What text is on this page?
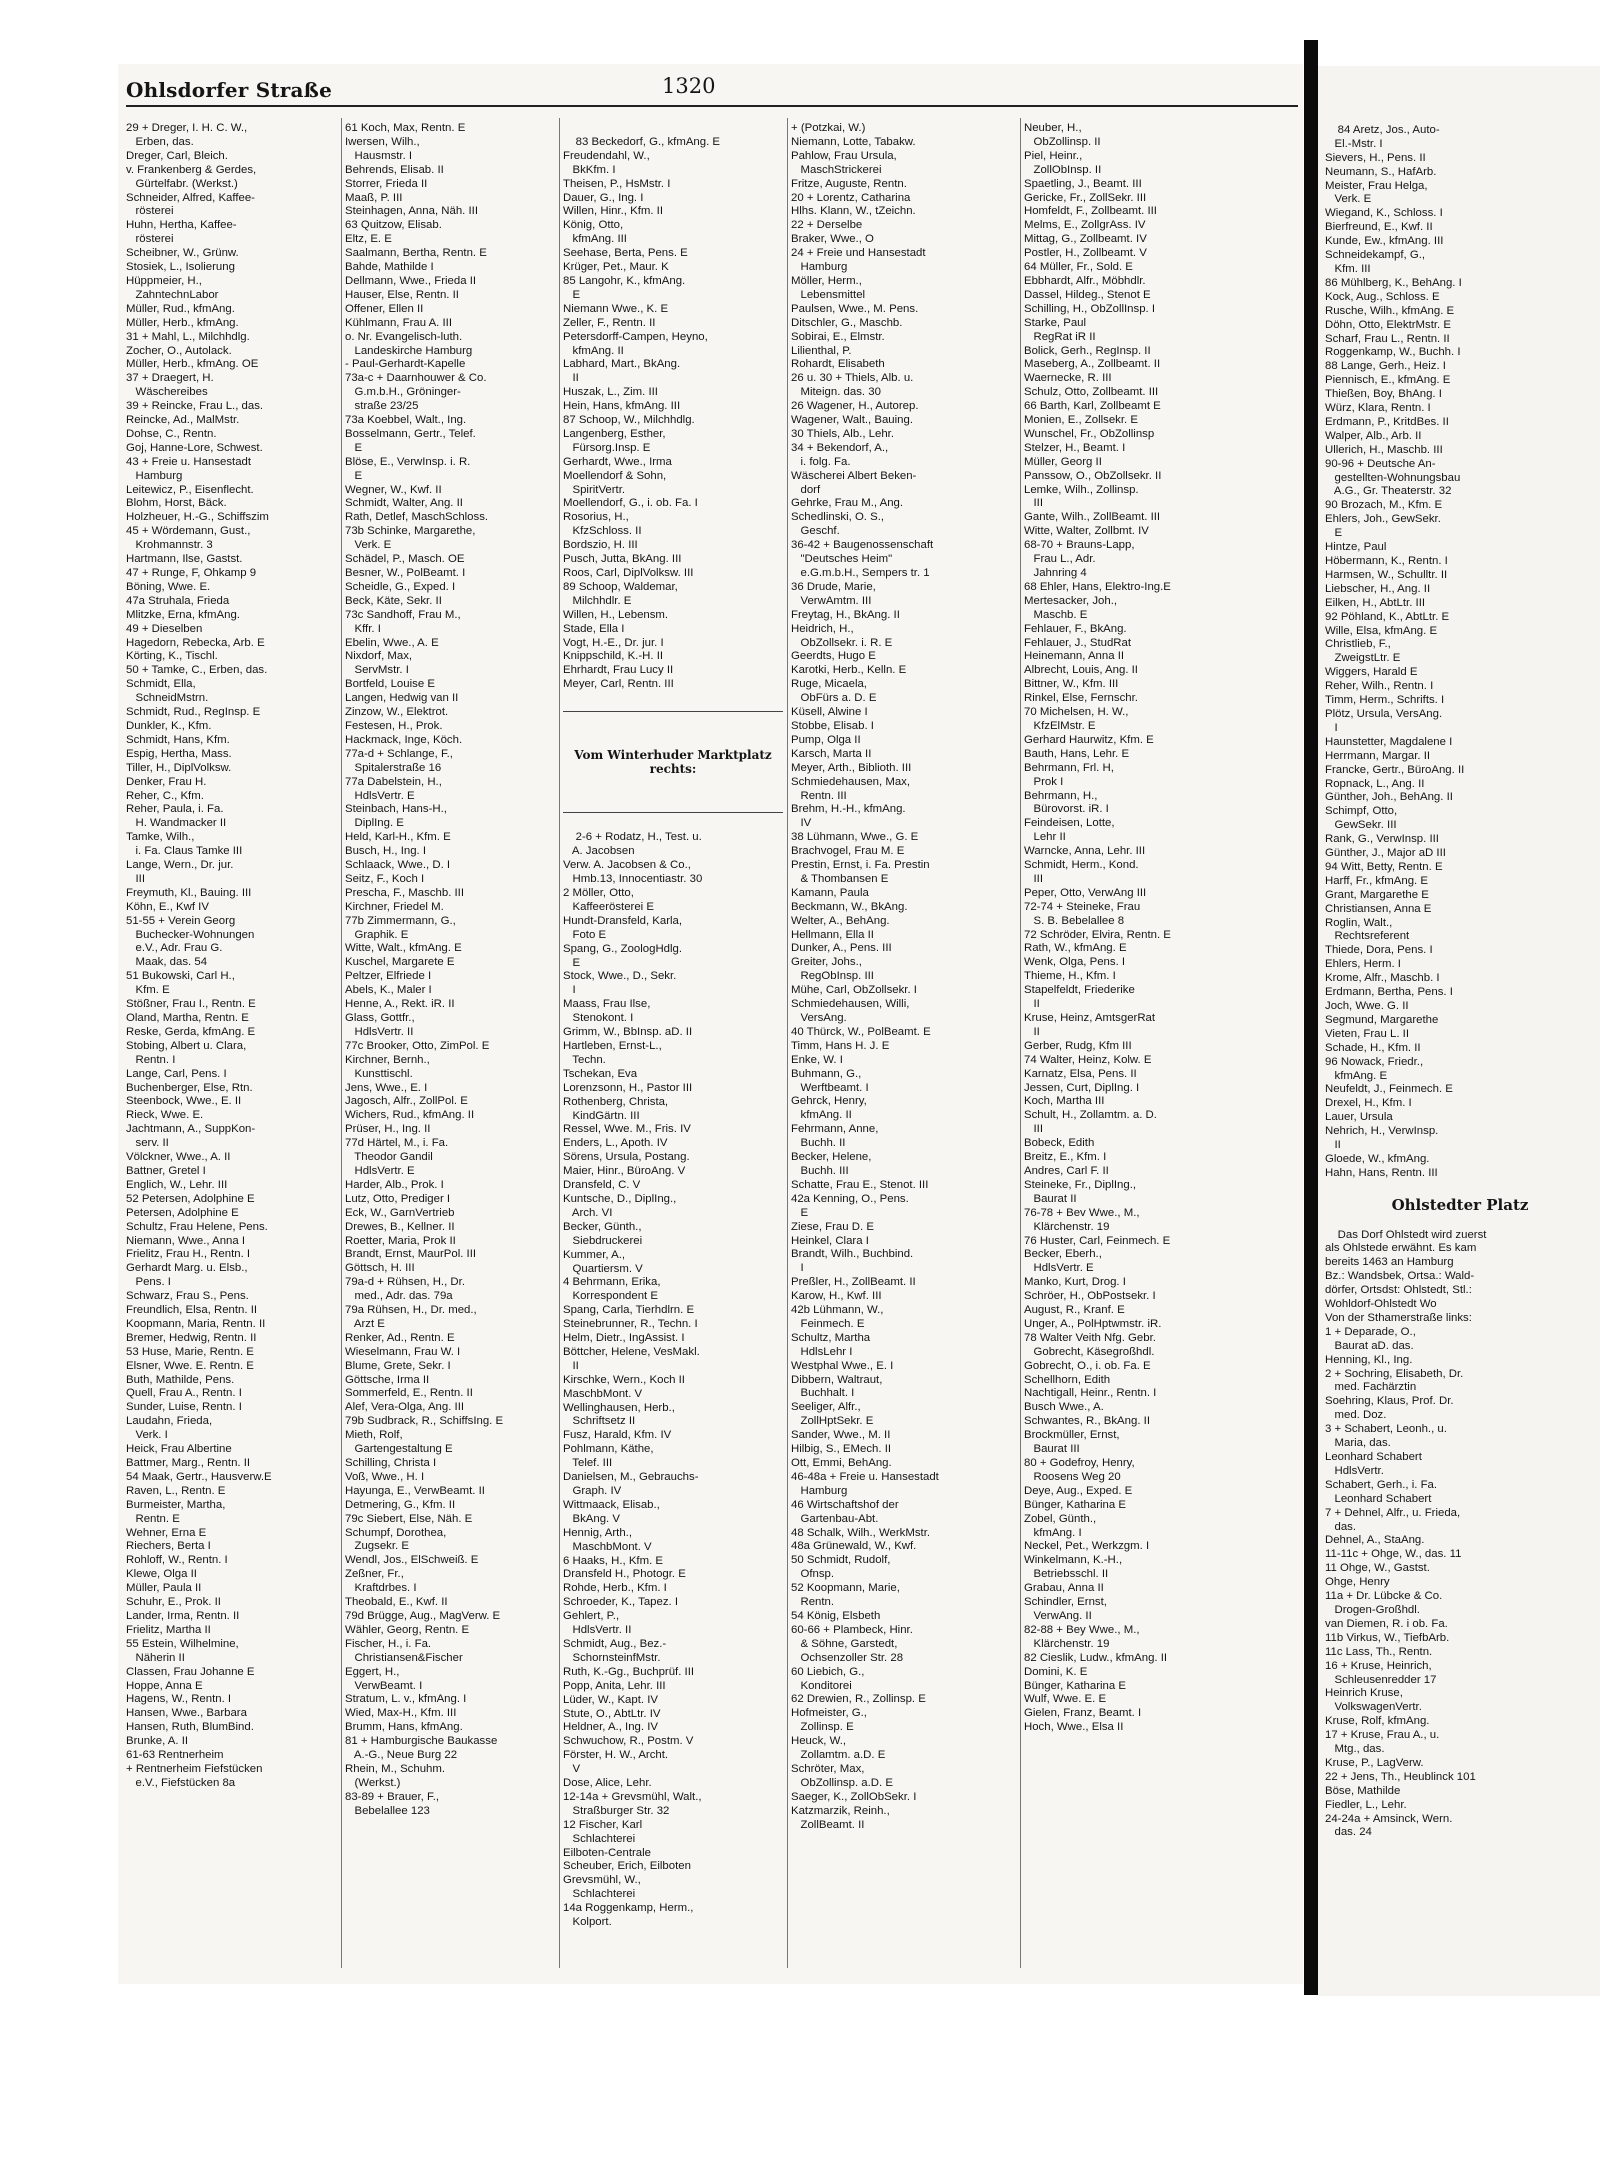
Ohlsdorfer Straße	1320
29 + Dreger, I. H. C. W.,
Erben, das.
Dreger, Carl, Bleich.
v. Frankenberg & Gerdes,
Gürtelfabr. (Werkst.)
Schneider, Alfred, Kaffee-
rösterei
Huhn, Hertha, Kaffee-
rösterei
Scheibner, W., Grünw.
Stosiek, L., Isolierung
Hüppmeier, H.,
ZahntechnLabor
Müller, Rud., kfmAng.
Müller, Herb., kfmAng.
31 + Mahl, L., Milchhdlg.
Zocher, O., Autolack.
Müller, Herb., kfmAng. OE
37 + Draegert, H.
Wäschereibes
39 + Reincke, Frau L., das.
Reincke, Ad., MalMstr.
Dohse, C., Rentn.
Goj, Hanne-Lore, Schwest.
43 + Freie u. Hansestadt
Hamburg
Leitewicz, P., Eisenflecht.
Blohm, Horst, Bäck.
Holzheuer, H.-G., Schiffszim
45 + Wördemann, Gust.,
Krohmannstr. 3
Hartmann, Ilse, Gastst.
47 + Runge, F, Ohkamp 9
Böning, Wwe. E.
47a Struhala, Frieda
Mlitzke, Erna, kfmAng.
49 + Dieselben
Hagedorn, Rebecka, Arb. E
Körting, K., Tischl.
50 + Tamke, C., Erben, das.
Schmidt, Ella,
SchneidMstrn.
Schmidt, Rud., RegInsp. E
Dunkler, K., Kfm.
Schmidt, Hans, Kfm.
Espig, Hertha, Mass.
Tiller, H., DiplVolksw.
Denker, Frau H.
Reher, C., Kfm.
Reher, Paula, i. Fa.
H. Wandmacker II
Tamke, Wilh.,
i. Fa. Claus Tamke III
Lange, Wern., Dr. jur.
III
Freymuth, Kl., Bauing. III
Köhn, E., Kwf IV
51-55 + Verein Georg
Buchecker-Wohnungen
e.V., Adr. Frau G.
Maak, das. 54
51 Bukowski, Carl H.,
Kfm. E
Stößner, Frau I., Rentn. E
Oland, Martha, Rentn. E
Reske, Gerda, kfmAng. E
Stobing, Albert u. Clara,
Rentn. I
Lange, Carl, Pens. I
Buchenberger, Else, Rtn.
Steenbock, Wwe., E. II
Rieck, Wwe. E.
Jachtmann, A., SuppKon-
serv. II
Völckner, Wwe., A. II
Battner, Gretel I
Englich, W., Lehr. III
52 Petersen, Adolphine E
Petersen, Adolphine E
Schultz, Frau Helene, Pens.
Niemann, Wwe., Anna I
Frielitz, Frau H., Rentn. I
Gerhardt Marg. u. Elsb.,
Pens. I
Schwarz, Frau S., Pens.
Freundlich, Elsa, Rentn. II
Koopmann, Maria, Rentn. II
Bremer, Hedwig, Rentn. II
53 Huse, Marie, Rentn. E
Elsner, Wwe. E. Rentn. E
Buth, Mathilde, Pens.
Quell, Frau A., Rentn. I
Sunder, Luise, Rentn. I
Laudahn, Frieda,
Verk. I
Heick, Frau Albertine
Battmer, Marg., Rentn. II
54 Maak, Gertr., Hausverw.E
Raven, L., Rentn. E
Burmeister, Martha,
Rentn. E
Wehner, Erna E
Riechers, Berta I
Rohloff, W., Rentn. I
Klewe, Olga II
Müller, Paula II
Schuhr, E., Prok. II
Lander, Irma, Rentn. II
Frielitz, Martha II
55 Estein, Wilhelmine,
Näherin II
Classen, Frau Johanne E
Hoppe, Anna E
Hagens, W., Rentn. I
Hansen, Wwe., Barbara
Hansen, Ruth, BlumBind.
Brunke, A. II
61-63 Rentnerheim
+ Rentnerheim Fiefstücken
e.V., Fiefstücken 8a
61 Koch, Max, Rentn. E
Iwersen, Wilh.,
Hausmstr. I
Behrends, Elisab. II
Storrer, Frieda II
Maaß, P. III
Steinhagen, Anna, Näh. III
63 Quitzow, Elisab.
Eltz, E. E
Saalmann, Bertha, Rentn. E
Bahde, Mathilde I
Dellmann, Wwe., Frieda II
Hauser, Else, Rentn. II
Offener, Ellen II
Kühlmann, Frau A. III
o. Nr. Evangelisch-luth.
Landeskirche Hamburg
- Paul-Gerhardt-Kapelle
73a-c + Daarnhouwer & Co.
G.m.b.H., Gröninger-
straße 23/25
73a Koebbel, Walt., Ing.
Bosselmann, Gertr., Telef.
E
Blöse, E., VerwInsp. i. R.
E
Wegner, W., Kwf. II
Schmidt, Walter, Ang. II
Rath, Detlef, MaschSchloss.
73b Schinke, Margarethe,
Verk. E
Schädel, P., Masch. OE
Besner, W., PolBeamt. I
Scheidle, G., Exped. I
Beck, Käte, Sekr. II
73c Sandhoff, Frau M.,
Kffr. I
Ebelin, Wwe., A. E
Nixdorf, Max,
ServMstr. I
Bortfeld, Louise E
Langen, Hedwig van II
Zinzow, W., Elektrot.
Festesen, H., Prok.
Hackmack, Inge, Köch.
77a-d + Schlange, F.,
Spitalerstraße 16
77a Dabelstein, H.,
HdlsVertr. E
Steinbach, Hans-H.,
DiplIng. E
Held, Karl-H., Kfm. E
Busch, H., Ing. I
Schlaack, Wwe., D. I
Seitz, F., Koch I
Prescha, F., Maschb. III
Kirchner, Friedel M.
77b Zimmermann, G.,
Graphik. E
Witte, Walt., kfmAng. E
Kuschel, Margarete E
Peltzer, Elfriede I
Abels, K., Maler I
Henne, A., Rekt. iR. II
Glass, Gottfr.,
HdlsVertr. II
77c Brooker, Otto, ZimPol. E
Kirchner, Bernh.,
Kunsttischl.
Jens, Wwe., E. I
Jagosch, Alfr., ZollPol. E
Wichers, Rud., kfmAng. II
Prüser, H., Ing. II
77d Härtel, M., i. Fa.
Theodor Gandil
HdlsVertr. E
Harder, Alb., Prok. I
Lutz, Otto, Prediger I
Eck, W., GarnVertrieb
Drewes, B., Kellner. II
Roetter, Maria, Prok II
Brandt, Ernst, MaurPol. III
Göttsch, H. III
79a-d + Rühsen, H., Dr.
med., Adr. das. 79a
79a Rühsen, H., Dr. med.,
Arzt E
Renker, Ad., Rentn. E
Wieselmann, Frau W. I
Blume, Grete, Sekr. I
Göttsche, Irma II
Sommerfeld, E., Rentn. II
Alef, Vera-Olga, Ang. III
79b Sudbrack, R., SchiffsIng. E
Mieth, Rolf,
Gartengestaltung E
Schilling, Christa I
Voß, Wwe., H. I
Hayunga, E., VerwBeamt. II
Detmering, G., Kfm. II
79c Siebert, Else, Näh. E
Schumpf, Dorothea,
Zugsekr. E
Wendl, Jos., ElSchweiß. E
Zeßner, Fr.,
Kraftdrbes. I
Theobald, E., Kwf. II
79d Brügge, Aug., MagVerw. E
Wähler, Georg, Rentn. E
Fischer, H., i. Fa.
Christiansen&Fischer
Eggert, H.,
VerwBeamt. I
Stratum, L. v., kfmAng. I
Wied, Max-H., Kfm. III
Brumm, Hans, kfmAng.
81 + Hamburgische Baukasse
A.-G., Neue Burg 22
Rhein, M., Schuhm.
(Werkst.)
83-89 + Brauer, F.,
Bebelallee 123

83 Beckedorf, G., kfmAng. E
Freudendahl, W.,
BkKfm. I
Theisen, P., HsMstr. I
Dauer, G., Ing. I
Willen, Hinr., Kfm. II
König, Otto,
kfmAng. III
Seehase, Berta, Pens. E
Krüger, Pet., Maur. K
85 Langohr, K., kfmAng.
E
Niemann Wwe., K. E
Zeller, F., Rentn. II
Petersdorff-Campen, Heyno,
kfmAng. II
Labhard, Mart., BkAng.
II
Huszak, L., Zim. III
Hein, Hans, kfmAng. III
87 Schoop, W., Milchhdlg.
Langenberg, Esther,
Fürsorg.Insp. E
Gerhardt, Wwe., Irma
Moellendorf & Sohn,
SpiritVertr.
Moellendorf, G., i. ob. Fa. I
Rosorius, H.,
KfzSchloss. II
Bordszio, H. III
Pusch, Jutta, BkAng. III
Roos, Carl, DiplVolksw. III
89 Schoop, Waldemar,
Milchhdlr. E
Willen, H., Lebensm.
Stade, Ella I
Vogt, H.-E., Dr. jur. I
Knippschild, K.-H. II
Ehrhardt, Frau Lucy II
Meyer, Carl, Rentn. III

Vom Winterhuder Marktplatz
rechts:

2-6 + Rodatz, H., Test. u.
A. Jacobsen
Verw. A. Jacobsen & Co.,
Hmb.13, Innocentiastr. 30
2 Möller, Otto,
Kaffeerösterei E
Hundt-Dransfeld, Karla,
Foto E
Spang, G., ZoologHdlg.
E
Stock, Wwe., D., Sekr.
I
Maass, Frau Ilse,
Stenokont. I
Grimm, W., BbInsp. aD. II
Hartleben, Ernst-L.,
Techn.
Tschekan, Eva
Lorenzsonn, H., Pastor III
Rothenberg, Christa,
KindGärtn. III
Ressel, Wwe. M., Fris. IV
Enders, L., Apoth. IV
Sörens, Ursula, Postang.
Maier, Hinr., BüroAng. V
Dransfeld, C. V
Kuntsche, D., DiplIng.,
Arch. VI
Becker, Günth.,
Siebdruckerei
Kummer, A.,
Quartiersm. V
4 Behrmann, Erika,
Korrespondent E
Spang, Carla, Tierhdlrn. E
Steinebrunner, R., Techn. I
Helm, Dietr., IngAssist. I
Böttcher, Helene, VesMakl.
II
Kirschke, Wern., Koch II
MaschbMont. V
Wellinghausen, Herb.,
Schriftsetz II
Fusz, Harald, Kfm. IV
Pohlmann, Käthe,
Telef. III
Danielsen, M., Gebrauchs-
Graph. IV
Wittmaack, Elisab.,
BkAng. V
Hennig, Arth.,
MaschbMont. V
6 Haaks, H., Kfm. E
Dransfeld H., Photogr. E
Rohde, Herb., Kfm. I
Schroeder, K., Tapez. I
Gehlert, P.,
HdlsVertr. II
Schmidt, Aug., Bez.-
SchornsteinfMstr.
Ruth, K.-Gg., Buchprüf. III
Popp, Anita, Lehr. III
Lüder, W., Kapt. IV
Stute, O., AbtLtr. IV
Heldner, A., Ing. IV
Schwuchow, R., Postm. V
Förster, H. W., Archt.
V
Dose, Alice, Lehr.
12-14a + Grevsmühl, Walt.,
Straßburger Str. 32
12 Fischer, Karl
Schlachterei
Eilboten-Centrale
Scheuber, Erich, Eilboten
Grevsmühl, W.,
Schlachterei
14a Roggenkamp, Herm.,
Kolport.

+ (Potzkai, W.)
Niemann, Lotte, Tabakw.
Pahlow, Frau Ursula,
MaschStrickerei
Fritze, Auguste, Rentn.
20 + Lorentz, Catharina
Hlhs. Klann, W., tZeichn.
22 + Derselbe
Braker, Wwe., O
24 + Freie und Hansestadt
Hamburg
Möller, Herm.,
Lebensmittel
Paulsen, Wwe., M. Pens.
Ditschler, G., Maschb.
Sobirai, E., Elmstr.
Lilienthal, P.
Rohardt, Elisabeth
26 u. 30 + Thiels, Alb. u.
Miteign. das. 30
26 Wagener, H., Autorep.
Wagener, Walt., Bauing.
30 Thiels, Alb., Lehr.
34 + Bekendorf, A.,
i. folg. Fa.
Wäscherei Albert Beken-
dorf
Gehrke, Frau M., Ang.
Schedlinski, O. S.,
Geschf.
36-42 + Baugenossenschaft
"Deutsches Heim"
e.G.m.b.H., Sempers tr. 1
36 Drude, Marie,
VerwAmtm. III
Freytag, H., BkAng. II
Heidrich, H.,
ObZollsekr. i. R. E
Geerdts, Hugo E
Karotki, Herb., Kelln. E
Ruge, Micaela,
ObFürs a. D. E
Küsell, Alwine I
Stobbe, Elisab. I
Pump, Olga II
Karsch, Marta II
Meyer, Arth., Biblioth. III
Schmiedehausen, Max,
Rentn. III
Brehm, H.-H., kfmAng.
IV
38 Lühmann, Wwe., G. E
Brachvogel, Frau M. E
Prestin, Ernst, i. Fa. Prestin
& Thombansen E
Kamann, Paula
Beckmann, W., BkAng.
Welter, A., BehAng.
Hellmann, Ella II
Dunker, A., Pens. III
Greiter, Johs.,
RegObInsp. III
Mühe, Carl, ObZollsekr. I
Schmiedehausen, Willi,
VersAng.
40 Thürck, W., PolBeamt. E
Timm, Hans H. J. E
Enke, W. I
Buhmann, G.,
Werftbeamt. I
Gehrck, Henry,
kfmAng. II
Fehrmann, Anne,
Buchh. II
Becker, Helene,
Buchh. III
Schatte, Frau E., Stenot. III
42a Kenning, O., Pens.
E
Ziese, Frau D. E
Heinkel, Clara I
Brandt, Wilh., Buchbind.
I
Preßler, H., ZollBeamt. II
Karow, H., Kwf. III
42b Lühmann, W.,
Feinmech. E
Schultz, Martha
HdlsLehr I
Westphal Wwe., E. I
Dibbern, Waltraut,
Buchhalt. I
Seeliger, Alfr.,
ZollHptSekr. E
Sander, Wwe., M. II
Hilbig, S., EMech. II
Ott, Emmi, BehAng.
46-48a + Freie u. Hansestadt
Hamburg
46 Wirtschaftshof der
Gartenbau-Abt.
48 Schalk, Wilh., WerkMstr.
48a Grünewald, W., Kwf.
50 Schmidt, Rudolf,
Ofnsp.
52 Koopmann, Marie,
Rentn.
54 König, Elsbeth
60-66 + Plambeck, Hinr.
& Söhne, Garstedt,
Ochsenzoller Str. 28
60 Liebich, G.,
Konditorei
62 Drewien, R., Zollinsp. E
Hofmeister, G.,
Zollinsp. E
Heuck, W.,
Zollamtm. a.D. E
Schröter, Max,
ObZollinsp. a.D. E
Saeger, K., ZollObSekr. I
Katzmarzik, Reinh.,
ZollBeamt. II
Neuber, H.,
ObZollinsp. II
Piel, Heinr.,
ZollObInsp. II
Spaetling, J., Beamt. III
Gericke, Fr., ZollSekr. III
Homfeldt, F., Zollbeamt. III
Melms, E., ZollgrAss. IV
Mittag, G., Zollbeamt. IV
Postler, H., Zollbeamt. V
64 Müller, Fr., Sold. E
Ebbhardt, Alfr., Möbhdlr.
Dassel, Hildeg., Stenot E
Schilling, H., ObZollInsp. I
Starke, Paul
RegRat iR II
Bolick, Gerh., RegInsp. II
Maseberg, A., Zollbeamt. II
Waernecke, R. III
Schulz, Otto, Zollbeamt. III
66 Barth, Karl, Zollbeamt E
Monien, E., Zollsekr. E
Wunschel, Fr., ObZollinsp
Stelzer, H., Beamt. I
Müller, Georg II
Panssow, O., ObZollsekr. II
Lemke, Wilh., Zollinsp.
III
Gante, Wilh., ZollBeamt. III
Witte, Walter, Zollbmt. IV
68-70 + Brauns-Lapp,
Frau L., Adr.
Jahnring 4
68 Ehler, Hans, Elektro-Ing.E
Mertesacker, Joh.,
Maschb. E
Fehlauer, F., BkAng.
Fehlauer, J., StudRat
Heinemann, Anna II
Albrecht, Louis, Ang. II
Bittner, W., Kfm. III
Rinkel, Else, Fernschr.
70 Michelsen, H. W.,
KfzElMstr. E
Gerhard Haurwitz, Kfm. E
Bauth, Hans, Lehr. E
Behrmann, Frl. H,
Prok I
Behrmann, H.,
Bürovorst. iR. I
Feindeisen, Lotte,
Lehr II
Warncke, Anna, Lehr. III
Schmidt, Herm., Kond.
III
Peper, Otto, VerwAng III
72-74 + Steineke, Frau
S. B. Bebelallee 8
72 Schröder, Elvira, Rentn. E
Rath, W., kfmAng. E
Wenk, Olga, Pens. I
Thieme, H., Kfm. I
Stapelfeldt, Friederike
II
Kruse, Heinz, AmtsgerRat
II
Gerber, Rudg, Kfm III
74 Walter, Heinz, Kolw. E
Karnatz, Elsa, Pens. II
Jessen, Curt, DiplIng. I
Koch, Martha III
Schult, H., Zollamtm. a. D.
III
Bobeck, Edith
Breitz, E., Kfm. I
Andres, Carl F. II
Steineke, Fr., DiplIng.,
Baurat II
76-78 + Bev Wwe., M.,
Klärchenstr. 19
76 Huster, Carl, Feinmech. E
Becker, Eberh.,
HdlsVertr. E
Manko, Kurt, Drog. I
Schröer, H., ObPostsekr. I
August, R., Kranf. E
Unger, A., PolHptwmstr. iR.
78 Walter Veith Nfg. Gebr.
Gobrecht, Käsegroßhdl.
Gobrecht, O., i. ob. Fa. E
Schellhorn, Edith
Nachtigall, Heinr., Rentn. I
Busch Wwe., A.
Schwantes, R., BkAng. II
Brockmüller, Ernst,
Baurat III
80 + Godefroy, Henry,
Roosens Weg 20
Deye, Aug., Exped. E
Bünger, Katharina E
Zobel, Günth.,
kfmAng. I
Neckel, Pet., Werkzgm. I
Winkelmann, K.-H.,
Betriebsschl. II
Grabau, Anna II
Schindler, Ernst,
VerwAng. II
82-88 + Bey Wwe., M.,
Klärchenstr. 19
82 Cieslik, Ludw., kfmAng. II
Domini, K. E
Bünger, Katharina E
Wulf, Wwe. E. E
Gielen, Franz, Beamt. I
Hoch, Wwe., Elsa II

84 Aretz, Jos., Auto-
El.-Mstr. I
Sievers, H., Pens. II
Neumann, S., HafArb.
Meister, Frau Helga,
Verk. E
Wiegand, K., Schloss. I
Bierfreund, E., Kwf. II
Kunde, Ew., kfmAng. III
Schneidekampf, G.,
Kfm. III
86 Mühlberg, K., BehAng. I
Kock, Aug., Schloss. E
Rusche, Wilh., kfmAng. E
Döhn, Otto, ElektrMstr. E
Scharf, Frau L., Rentn. II
Roggenkamp, W., Buchh. I
88 Lange, Gerh., Heiz. I
Piennisch, E., kfmAng. E
Thießen, Boy, BhAng. I
Würz, Klara, Rentn. I
Erdmann, P., KritdBes. II
Walper, Alb., Arb. II
Ullerich, H., Maschb. III
90-96 + Deutsche An-
gestellten-Wohnungsbau
A.G., Gr. Theaterstr. 32
90 Brozach, M., Kfm. E
Ehlers, Joh., GewSekr.
E
Hintze, Paul
Höbermann, K., Rentn. I
Harmsen, W., Schulltr. II
Liebscher, H., Ang. II
Eilken, H., AbtLtr. III
92 Pöhland, K., AbtLtr. E
Wille, Elsa, kfmAng. E
Christlieb, F.,
ZweigstLtr. E
Wiggers, Harald E
Reher, Wilh., Rentn. I
Timm, Herm., Schrifts. I
Plötz, Ursula, VersAng.
I
Haunstetter, Magdalene I
Herrmann, Margar. II
Francke, Gertr., BüroAng. II
Ropnack, L., Ang. II
Günther, Joh., BehAng. II
Schimpf, Otto,
GewSekr. III
Rank, G., VerwInsp. III
Günther, J., Major aD III
94 Witt, Betty, Rentn. E
Harff, Fr., kfmAng. E
Grant, Margarethe E
Christiansen, Anna E
Roglin, Walt.,
Rechtsreferent
Thiede, Dora, Pens. I
Ehlers, Herm. I
Krome, Alfr., Maschb. I
Erdmann, Bertha, Pens. I
Joch, Wwe. G. II
Segmund, Margarethe
Vieten, Frau L. II
Schade, H., Kfm. II
96 Nowack, Friedr.,
kfmAng. E
Neufeldt, J., Feinmech. E
Drexel, H., Kfm. I
Lauer, Ursula
Nehrich, H., VerwInsp.
II
Gloede, W., kfmAng.
Hahn, Hans, Rentn. III

Ohlstedter Platz

Das Dorf Ohlstedt wird zuerst
als Ohlstede erwähnt. Es kam
bereits 1463 an Hamburg
Bz.: Wandsbek, Ortsa.: Wald-
dörfer, Ortsdst: Ohlstedt, Stl.:
Wohldorf-Ohlstedt Wo
Von der Sthamerstraße links:
1 + Deparade, O.,
Baurat aD. das.
Henning, Kl., Ing.
2 + Sochring, Elisabeth, Dr.
med. Fachärztin
Soehring, Klaus, Prof. Dr.
med. Doz.
3 + Schabert, Leonh., u.
Maria, das.
Leonhard Schabert
HdlsVertr.
Schabert, Gerh., i. Fa.
Leonhard Schabert
7 + Dehnel, Alfr., u. Frieda,
das.
Dehnel, A., StaAng.
11-11c + Ohge, W., das. 11
11 Ohge, W., Gastst.
Ohge, Henry
11a + Dr. Lübcke & Co.
Drogen-Großhdl.
van Diemen, R. i ob. Fa.
11b Virkus, W., TiefbArb.
11c Lass, Th., Rentn.
16 + Kruse, Heinrich,
Schleusenredder 17
Heinrich Kruse,
VolkswagenVertr.
Kruse, Rolf, kfmAng.
17 + Kruse, Frau A., u.
Mtg., das.
Kruse, P., LagVerw.
22 + Jens, Th., Heublinck 101
Böse, Mathilde
Fiedler, L., Lehr.
24-24a + Amsinck, Wern.
das. 24
